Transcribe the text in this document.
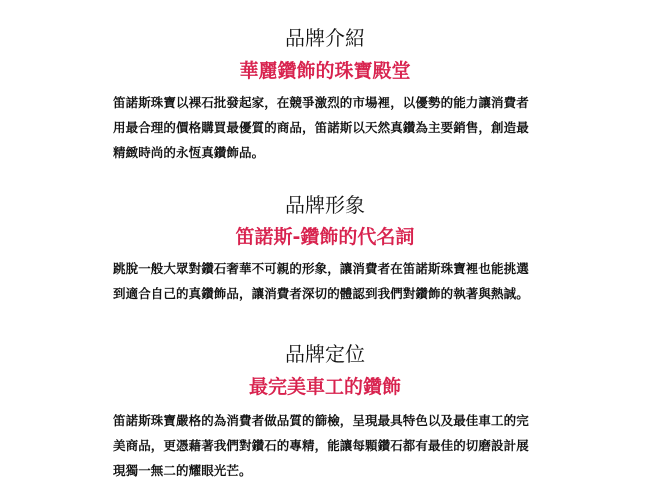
品牌介紹
華麗鑽飾的珠寶殿堂

笛諾斯珠寶以裸石批發起家，在競爭激烈的市場裡，以優勢的能力讓消費者用最合理的價格購買最優質的商品，笛諾斯以天然真鑽為主要銷售，創造最精緻時尚的永恆真鑽飾品。

品牌形象
笛諾斯-鑽飾的代名詞

跳脫一般大眾對鑽石奢華不可親的形象，讓消費者在笛諾斯珠寶裡也能挑選到適合自己的真鑽飾品，讓消費者深切的體認到我們對鑽飾的執著與熱誠。

品牌定位
最完美車工的鑽飾

笛諾斯珠寶嚴格的為消費者做品質的篩檢，呈現最具特色以及最佳車工的完美商品，更憑藉著我們對鑽石的專精，能讓每顆鑽石都有最佳的切磨設計展現獨一無二的耀眼光芒。
